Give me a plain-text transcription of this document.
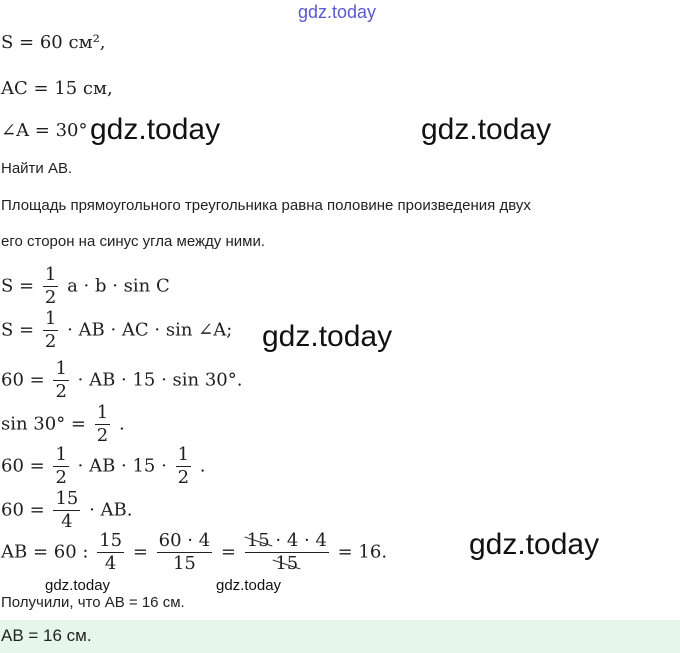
gdz.today
S = 60 см²,
AC = 15 см,
∠A = 30°
Найти AB.
Площадь прямоугольного треугольника равна половине произведения двух
его сторон на синус угла между ними.
$S = \frac{1}{2}$ a · b · sin C
$S = \frac{1}{2}$ · AB · AC · sin ∠A;
$60 = \frac{1}{2}$ · AB · 15 · sin 30°.
$\sin 30^\circ = \frac{1}{2}$ .
$60 = \frac{1}{2}$ · AB · $15 \cdot \frac{1}{2}$ .
$60 = \frac{15}{4}$ · AB.
AB = 60 : $\frac{15}{4} = \frac{60 \cdot 4}{15} = \frac{15 \cdot 4 \cdot 4}{15} = 16$.
Получили, что AB = 16 см.
AB = 16 см.
gdz.today	gdz.today
gdz.today
gdz.today
gdz.today	gdz.today
